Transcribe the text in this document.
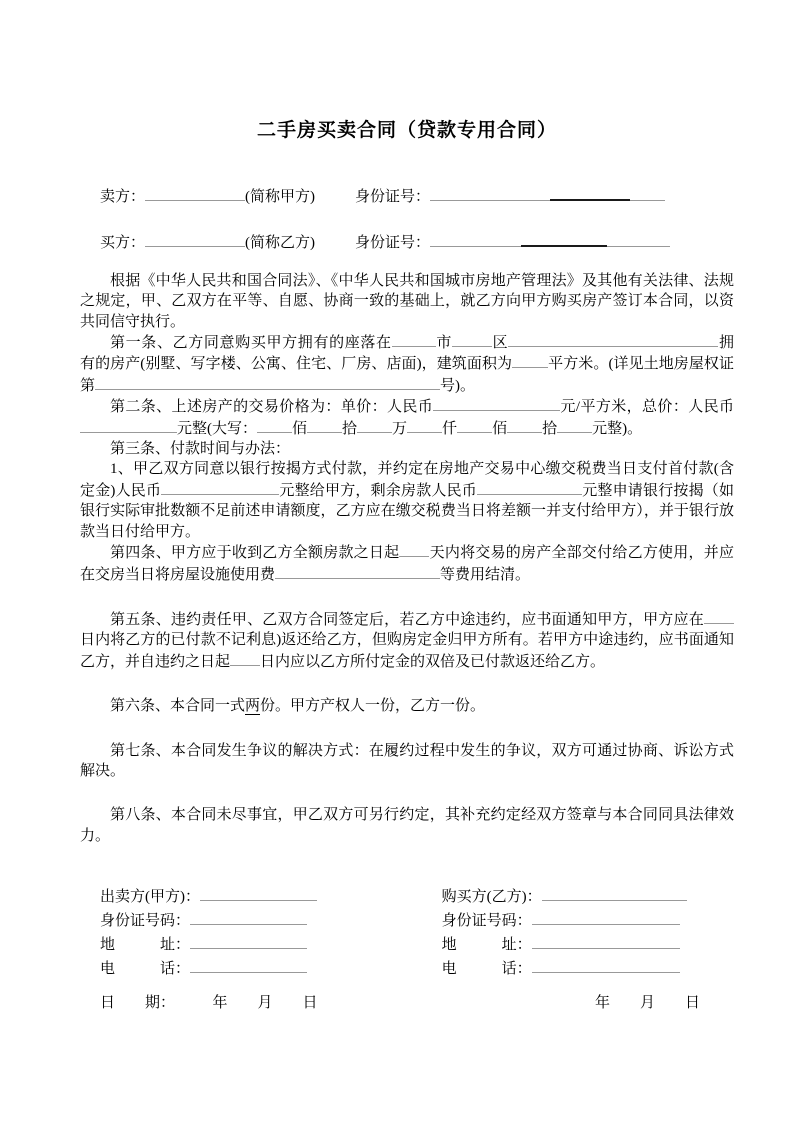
二手房买卖合同（贷款专用合同）
卖方：	(简称甲方)	身份证号：
买方：	(简称乙方)	身份证号：

根据《中华人民共和国合同法》、《中华人民共和国城市房地产管理法》及其他有关法律、法规之规定，甲、乙双方在平等、自愿、协商一致的基础上，就乙方向甲方购买房产签订本合同，以资共同信守执行。

第一条、乙方同意购买甲方拥有的座落在	市	区	拥有的房产(别墅、写字楼、公寓、住宅、厂房、店面)，建筑面积为 平方米。(详见土地房屋权证第	号)。

第二条、上述房产的交易价格为：单价：人民币	元/平方米，总价：人民币元整(大写： 佰 拾 万 仟 佰 拾 元整)。

第三条、付款时间与办法：

1、甲乙双方同意以银行按揭方式付款，并约定在房地产交易中心缴交税费当日支付首付款(含定金)人民币	元整给甲方，剩余房款人民币	元整申请银行按揭（如银行实际审批数额不足前述申请额度，乙方应在缴交税费当日将差额一并支付给甲方），并于银行放款当日付给甲方。

第四条、甲方应于收到乙方全额房款之日起 天内将交易的房产全部交付给乙方使用，并应在交房当日将房屋设施使用费	等费用结清。

第五条、违约责任甲、乙双方合同签定后，若乙方中途违约，应书面通知甲方，甲方应在日内将乙方的已付款不记利息)返还给乙方，但购房定金归甲方所有。若甲方中途违约，应书面通知乙方，并自违约之日起 日内应以乙方所付定金的双倍及已付款返还给乙方。

第六条、本合同一式两份。甲方产权人一份，乙方一份。

第七条、本合同发生争议的解决方式：在履约过程中发生的争议，双方可通过协商、诉讼方式解决。

第八条、本合同未尽事宜，甲乙双方可另行约定，其补充约定经双方签章与本合同同具法律效力。

出卖方(甲方)：
身份证号码：
地　　　址：
电　　　话：
购买方(乙方)：
身份证号码：
地　　　址：
电　　　话：
日　　期：　　　年　　月　　日	年　　月　　日
